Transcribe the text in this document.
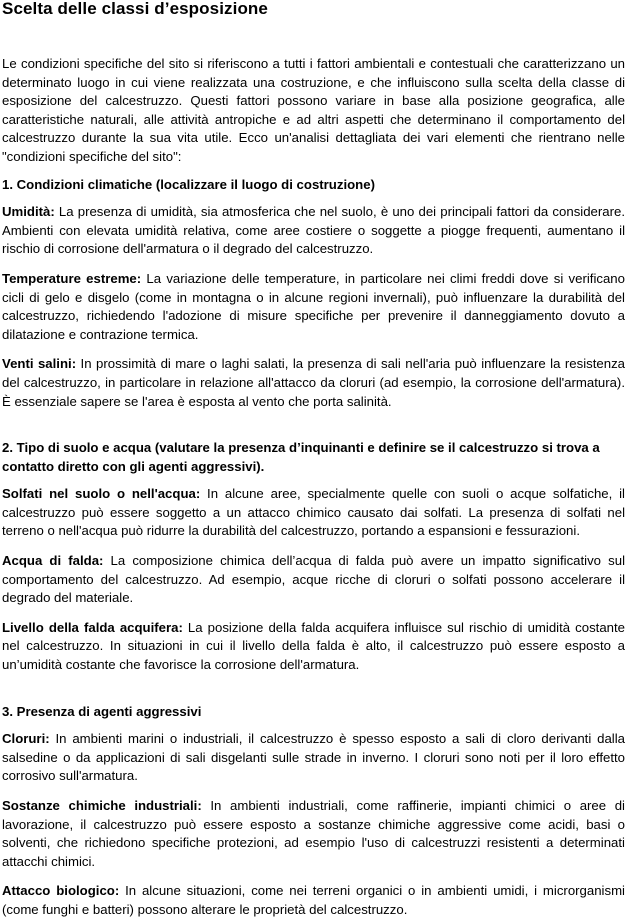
Scelta delle classi d’esposizione

Le condizioni specifiche del sito si riferiscono a tutti i fattori ambientali e contestuali che caratterizzano un determinato luogo in cui viene realizzata una costruzione, e che influiscono sulla scelta della classe di esposizione del calcestruzzo. Questi fattori possono variare in base alla posizione geografica, alle caratteristiche naturali, alle attività antropiche e ad altri aspetti che determinano il comportamento del calcestruzzo durante la sua vita utile. Ecco un'analisi dettagliata dei vari elementi che rientrano nelle "condizioni specifiche del sito":

1. Condizioni climatiche (localizzare il luogo di costruzione)

Umidità: La presenza di umidità, sia atmosferica che nel suolo, è uno dei principali fattori da considerare. Ambienti con elevata umidità relativa, come aree costiere o soggette a piogge frequenti, aumentano il rischio di corrosione dell'armatura o il degrado del calcestruzzo.

Temperature estreme: La variazione delle temperature, in particolare nei climi freddi dove si verificano cicli di gelo e disgelo (come in montagna o in alcune regioni invernali), può influenzare la durabilità del calcestruzzo, richiedendo l'adozione di misure specifiche per prevenire il danneggiamento dovuto a dilatazione e contrazione termica.

Venti salini: In prossimità di mare o laghi salati, la presenza di sali nell'aria può influenzare la resistenza del calcestruzzo, in particolare in relazione all'attacco da cloruri (ad esempio, la corrosione dell'armatura). È essenziale sapere se l'area è esposta al vento che porta salinità.

2. Tipo di suolo e acqua (valutare la presenza d’inquinanti e definire se il calcestruzzo si trova a contatto diretto con gli agenti aggressivi).

Solfati nel suolo o nell'acqua: In alcune aree, specialmente quelle con suoli o acque solfatiche, il calcestruzzo può essere soggetto a un attacco chimico causato dai solfati. La presenza di solfati nel terreno o nell'acqua può ridurre la durabilità del calcestruzzo, portando a espansioni e fessurazioni.

Acqua di falda: La composizione chimica dell’acqua di falda può avere un impatto significativo sul comportamento del calcestruzzo. Ad esempio, acque ricche di cloruri o solfati possono accelerare il degrado del materiale.

Livello della falda acquifera: La posizione della falda acquifera influisce sul rischio di umidità costante nel calcestruzzo. In situazioni in cui il livello della falda è alto, il calcestruzzo può essere esposto a un’umidità costante che favorisce la corrosione dell'armatura.

3. Presenza di agenti aggressivi

Cloruri: In ambienti marini o industriali, il calcestruzzo è spesso esposto a sali di cloro derivanti dalla salsedine o da applicazioni di sali disgelanti sulle strade in inverno. I cloruri sono noti per il loro effetto corrosivo sull'armatura.

Sostanze chimiche industriali: In ambienti industriali, come raffinerie, impianti chimici o aree di lavorazione, il calcestruzzo può essere esposto a sostanze chimiche aggressive come acidi, basi o solventi, che richiedono specifiche protezioni, ad esempio l'uso di calcestruzzi resistenti a determinati attacchi chimici.

Attacco biologico: In alcune situazioni, come nei terreni organici o in ambienti umidi, i microrganismi (come funghi e batteri) possono alterare le proprietà del calcestruzzo.
